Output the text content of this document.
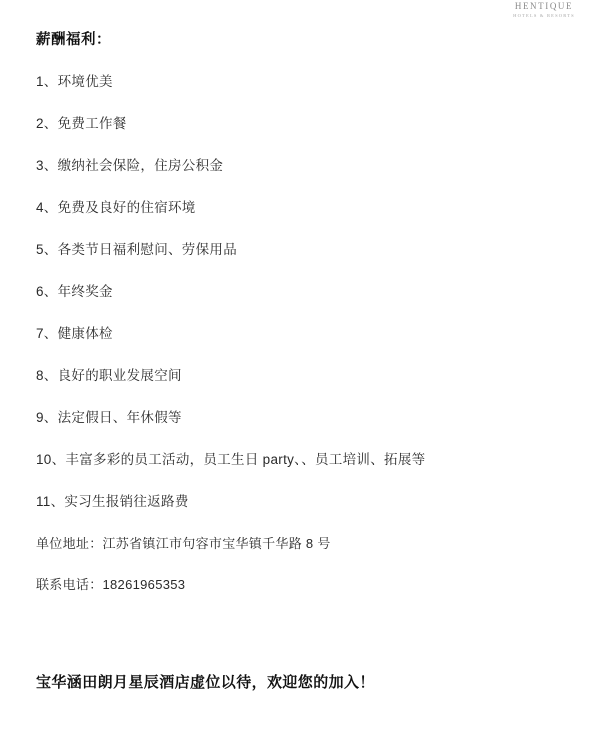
HENTIQUE
HOTELS & RESORTS
薪酬福利：
1、环境优美
2、免费工作餐
3、缴纳社会保险，住房公积金
4、免费及良好的住宿环境
5、各类节日福利慰问、劳保用品
6、年终奖金
7、健康体检
8、良好的职业发展空间
9、法定假日、年休假等
10、丰富多彩的员工活动，员工生日 party、、员工培训、拓展等
11、实习生报销往返路费
单位地址：江苏省镇江市句容市宝华镇千华路 8 号
联系电话：18261965353
宝华涵田朗月星辰酒店虚位以待，欢迎您的加入！
